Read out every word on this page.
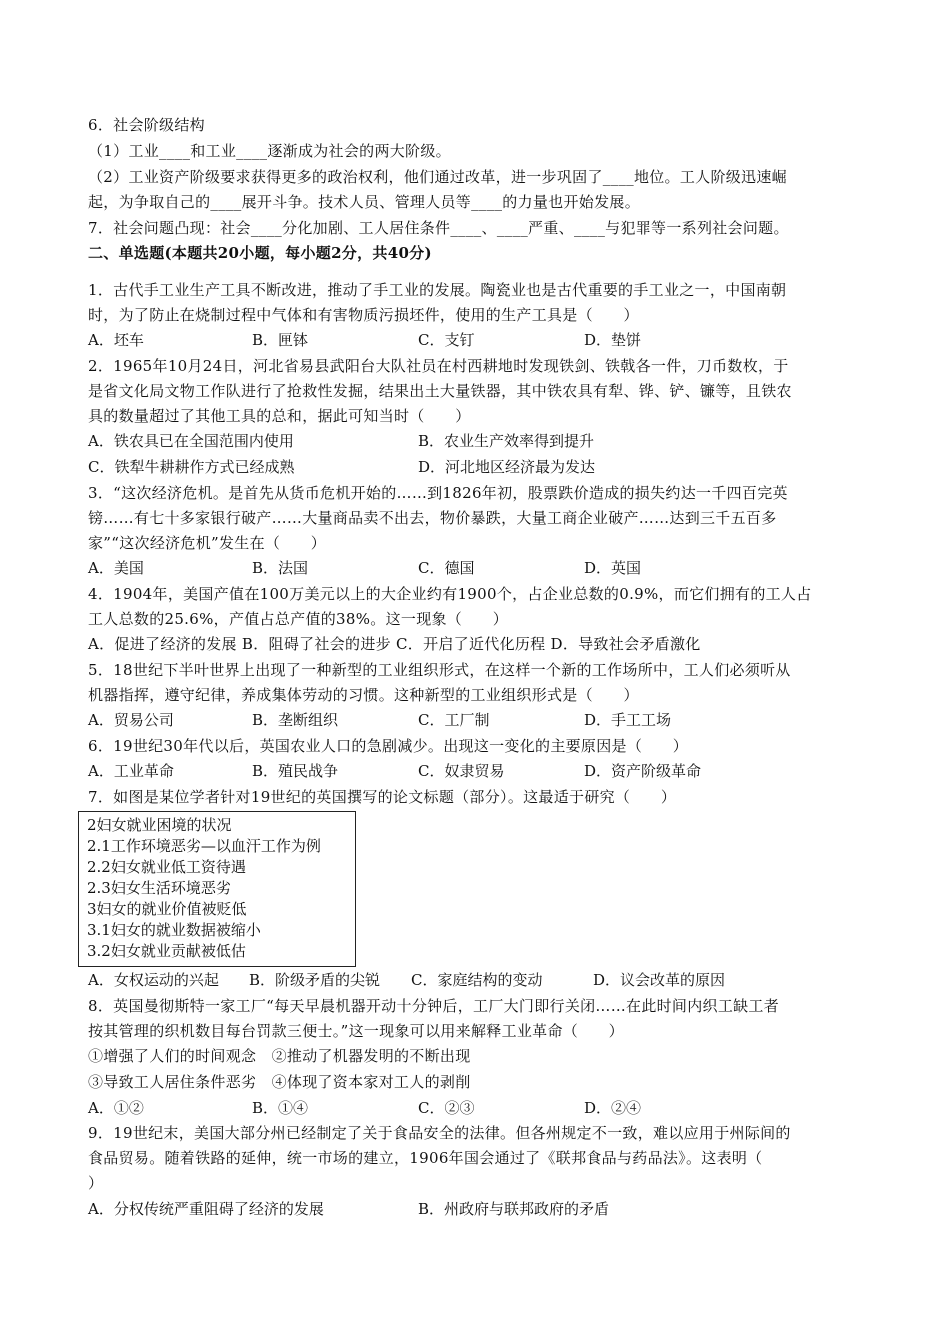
6．社会阶级结构
（1）工业____和工业____逐渐成为社会的两大阶级。
（2）工业资产阶级要求获得更多的政治权利，他们通过改革，进一步巩固了____地位。工人阶级迅速崛
起，为争取自己的____展开斗争。技术人员、管理人员等____的力量也开始发展。
7．社会问题凸现：社会____分化加剧、工人居住条件____、____严重、____与犯罪等一系列社会问题。
二、单选题(本题共20小题，每小题2分，共40分)
1．古代手工业生产工具不断改进，推动了手工业的发展。陶瓷业也是古代重要的手工业之一，中国南朝
时，为了防止在烧制过程中气体和有害物质污损坯件，使用的生产工具是（　　）
A．坯车	B．匣钵	C．支钉	D．垫饼
2．1965年10月24日，河北省易县武阳台大队社员在村西耕地时发现铁剑、铁戟各一件，刀币数枚，于
是省文化局文物工作队进行了抢救性发掘，结果出土大量铁器，其中铁农具有犁、铧、铲、镰等，且铁农
具的数量超过了其他工具的总和，据此可知当时（　　）
A．铁农具已在全国范围内使用	B．农业生产效率得到提升
C．铁犁牛耕耕作方式已经成熟	D．河北地区经济最为发达
3．“这次经济危机。是首先从货币危机开始的……到1826年初，股票跌价造成的损失约达一千四百完英
镑……有七十多家银行破产……大量商品卖不出去，物价暴跌，大量工商企业破产……达到三千五百多
家”“这次经济危机”发生在（　　）
A．美国	B．法国	C．德国	D．英国
4．1904年，美国产值在100万美元以上的大企业约有1900个，占企业总数的0.9%，而它们拥有的工人占
工人总数的25.6%，产值占总产值的38%。这一现象（　　）
A．促进了经济的发展 B．阻碍了社会的进步 C．开启了近代化历程 D．导致社会矛盾激化
5．18世纪下半叶世界上出现了一种新型的工业组织形式，在这样一个新的工作场所中，工人们必须听从
机器指挥，遵守纪律，养成集体劳动的习惯。这种新型的工业组织形式是（　　）
A．贸易公司	B．垄断组织	C．工厂制	D．手工工场
6．19世纪30年代以后，英国农业人口的急剧减少。出现这一变化的主要原因是（　　）
A．工业革命	B．殖民战争	C．奴隶贸易	D．资产阶级革命
7．如图是某位学者针对19世纪的英国撰写的论文标题（部分）。这最适于研究（　　）
2妇女就业困境的状况
2.1工作环境恶劣—以血汗工作为例
2.2妇女就业低工资待遇
2.3妇女生活环境恶劣
3妇女的就业价值被贬低
3.1妇女的就业数据被缩小
3.2妇女就业贡献被低估
A．女权运动的兴起 B．阶级矛盾的尖锐 C．家庭结构的变动	D．议会改革的原因
8．英国曼彻斯特一家工厂“每天早晨机器开动十分钟后，工厂大门即行关闭……在此时间内织工缺工者
按其管理的织机数目每台罚款三便士。”这一现象可以用来解释工业革命（　　）
①增强了人们的时间观念　②推动了机器发明的不断出现
③导致工人居住条件恶劣　④体现了资本家对工人的剥削
A．①②	B．①④	C．②③	D．②④
9．19世纪末，美国大部分州已经制定了关于食品安全的法律。但各州规定不一致，难以应用于州际间的
食品贸易。随着铁路的延伸，统一市场的建立，1906年国会通过了《联邦食品与药品法》。这表明（
）
A．分权传统严重阻碍了经济的发展	B．州政府与联邦政府的矛盾
